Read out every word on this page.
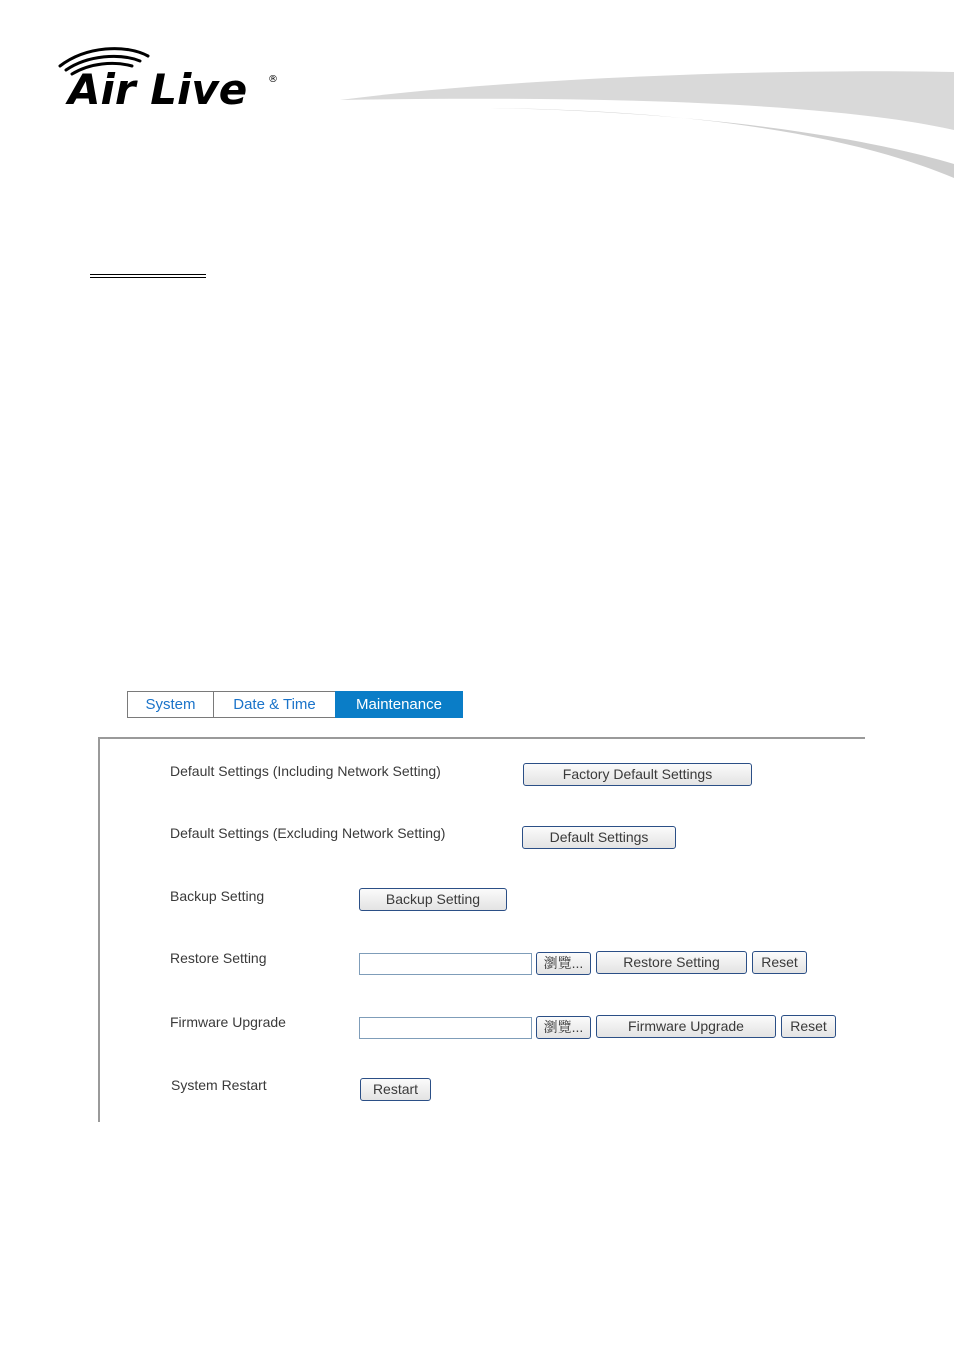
Air Live ®
System	Date & Time	Maintenance
Default Settings (Including Network Setting)	Factory Default Settings
Default Settings (Excluding Network Setting)	Default Settings
Backup Setting	Backup Setting
Restore Setting	瀏覽...	Restore Setting	Reset
Firmware Upgrade	瀏覽...	Firmware Upgrade	Reset
System Restart	Restart
